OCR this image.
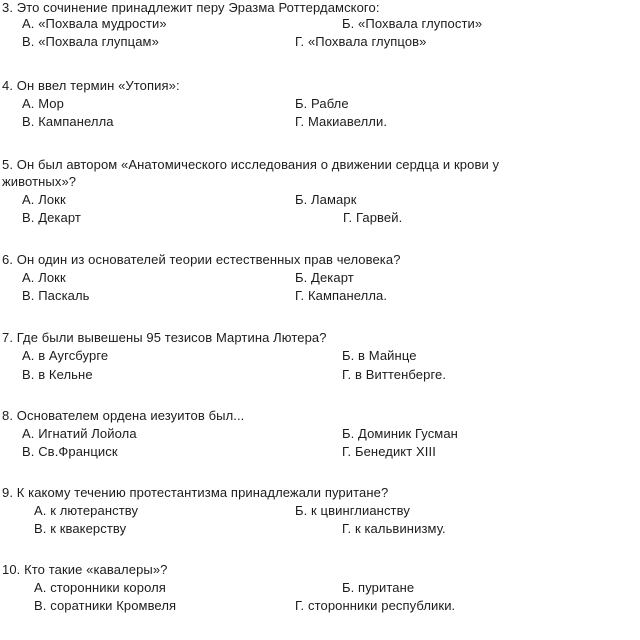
3. Это сочинение принадлежит перу Эразма Роттердамского:
А. «Похвала мудрости»	Б. «Похвала глупости»
В. «Похвала глупцам»	Г. «Похвала глупцов»
4. Он ввел термин «Утопия»:
А. Мор	Б. Рабле
В. Кампанелла	Г. Макиавелли.
5. Он был автором «Анатомического исследования о движении сердца и крови у
животных»?
А. Локк	Б. Ламарк
В. Декарт	Г. Гарвей.
6. Он один из основателей теории естественных прав человека?
А. Локк	Б. Декарт
В. Паскаль	Г. Кампанелла.
7. Где были вывешены 95 тезисов Мартина Лютера?
А. в Аугсбурге	Б. в Майнце
В. в Кельне	Г. в Виттенберге.
8. Основателем ордена иезуитов был...
А. Игнатий Лойола	Б. Доминик Гусман
В. Св.Франциск	Г. Бенедикт XIII
9. К какому течению протестантизма принадлежали пуритане?
А. к лютеранству	Б. к цвинглианству
В. к квакерству	Г. к кальвинизму.
10. Кто такие «кавалеры»?
А. сторонники короля	Б. пуритане
В. соратники Кромвеля	Г. сторонники республики.
